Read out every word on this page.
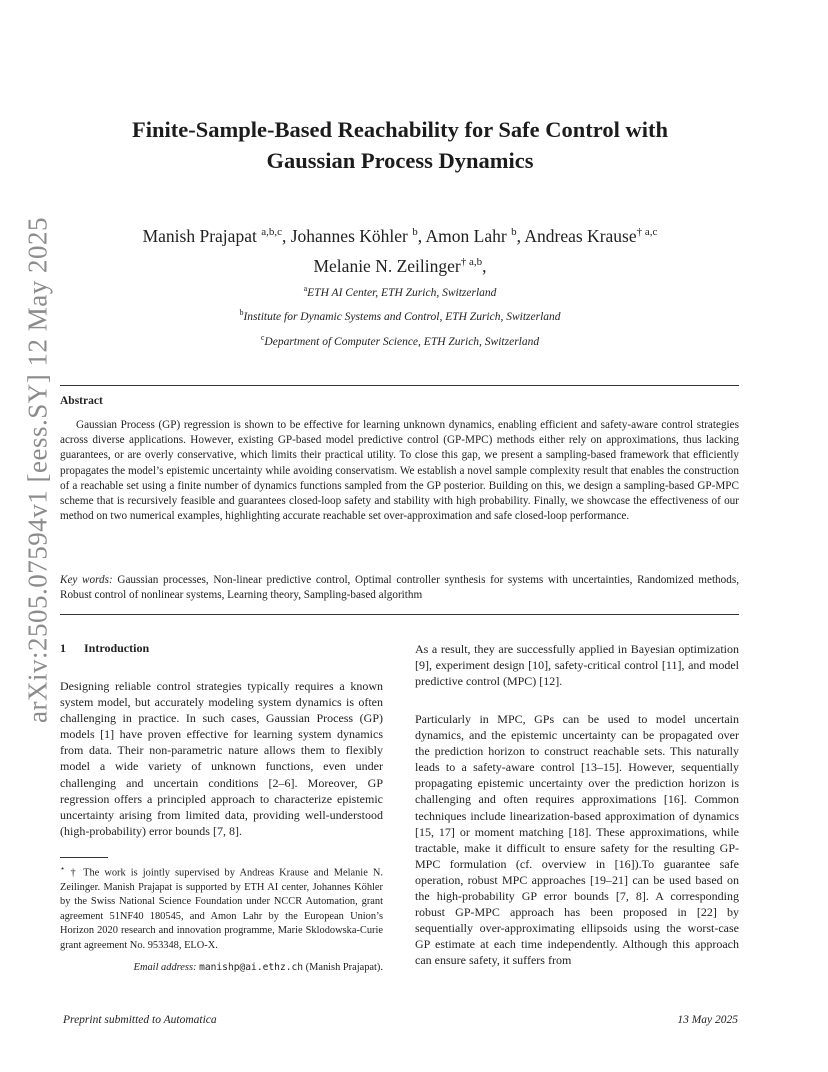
arXiv:2505.07594v1 [eess.SY] 12 May 2025
Finite-Sample-Based Reachability for Safe Control with
Gaussian Process Dynamics
Manish Prajapat $^{a,b,c}$, Johannes Köhler $^b$, Amon Lahr $^b$, Andreas Krause$^{\dagger a,c}$
Melanie N. Zeilinger$^{\dagger a,b}$,
$^a$ETH AI Center, ETH Zurich, Switzerland
$^b$Institute for Dynamic Systems and Control, ETH Zurich, Switzerland
$^c$Department of Computer Science, ETH Zurich, Switzerland
Abstract
Gaussian Process (GP) regression is shown to be effective for learning unknown dynamics, enabling efficient and safety-aware control strategies across diverse applications. However, existing GP-based model predictive control (GP-MPC) methods either rely on approximations, thus lacking guarantees, or are overly conservative, which limits their practical utility. To close this gap, we present a sampling-based framework that efficiently propagates the model’s epistemic uncertainty while avoiding conservatism. We establish a novel sample complexity result that enables the construction of a reachable set using a finite number of dynamics functions sampled from the GP posterior. Building on this, we design a sampling-based GP-MPC scheme that is recursively feasible and guarantees closed-loop safety and stability with high probability. Finally, we showcase the effectiveness of our method on two numerical examples, highlighting accurate reachable set over-approximation and safe closed-loop performance.
Key words: Gaussian processes, Non-linear predictive control, Optimal controller synthesis for systems with uncertainties, Randomized methods, Robust control of nonlinear systems, Learning theory, Sampling-based algorithm
1 Introduction
Designing reliable control strategies typically requires a known system model, but accurately modeling system dynamics is often challenging in practice. In such cases, Gaussian Process (GP) models [1] have proven effective for learning system dynamics from data. Their non-parametric nature allows them to flexibly model a wide variety of unknown functions, even under challenging and uncertain conditions [2–6]. Moreover, GP regression offers a principled approach to characterize epistemic uncertainty arising from limited data, providing well-understood (high-probability) error bounds [7, 8].
As a result, they are successfully applied in Bayesian optimization [9], experiment design [10], safety-critical control [11], and model predictive control (MPC) [12].
Particularly in MPC, GPs can be used to model uncertain dynamics, and the epistemic uncertainty can be propagated over the prediction horizon to construct reachable sets. This naturally leads to a safety-aware control [13–15]. However, sequentially propagating epistemic uncertainty over the prediction horizon is challenging and often requires approximations [16]. Common techniques include linearization-based approximation of dynamics [15, 17] or moment matching [18]. These approximations, while tractable, make it difficult to ensure safety for the resulting GP-MPC formulation (cf. overview in [16]).To guarantee safe operation, robust MPC approaches [19–21] can be used based on the high-probability GP error bounds [7, 8]. A corresponding robust GP-MPC approach has been proposed in [22] by sequentially over-approximating ellipsoids using the worst-case GP estimate at each time independently. Although this approach can ensure safety, it suffers from
⋆ † The work is jointly supervised by Andreas Krause and Melanie N. Zeilinger. Manish Prajapat is supported by ETH AI center, Johannes Köhler by the Swiss National Science Foundation under NCCR Automation, grant agreement 51NF40 180545, and Amon Lahr by the European Union’s Horizon 2020 research and innovation programme, Marie Sklodowska-Curie grant agreement No. 953348, ELO-X.
Email address: manishp@ai.ethz.ch (Manish Prajapat).
Preprint submitted to Automatica	13 May 2025
